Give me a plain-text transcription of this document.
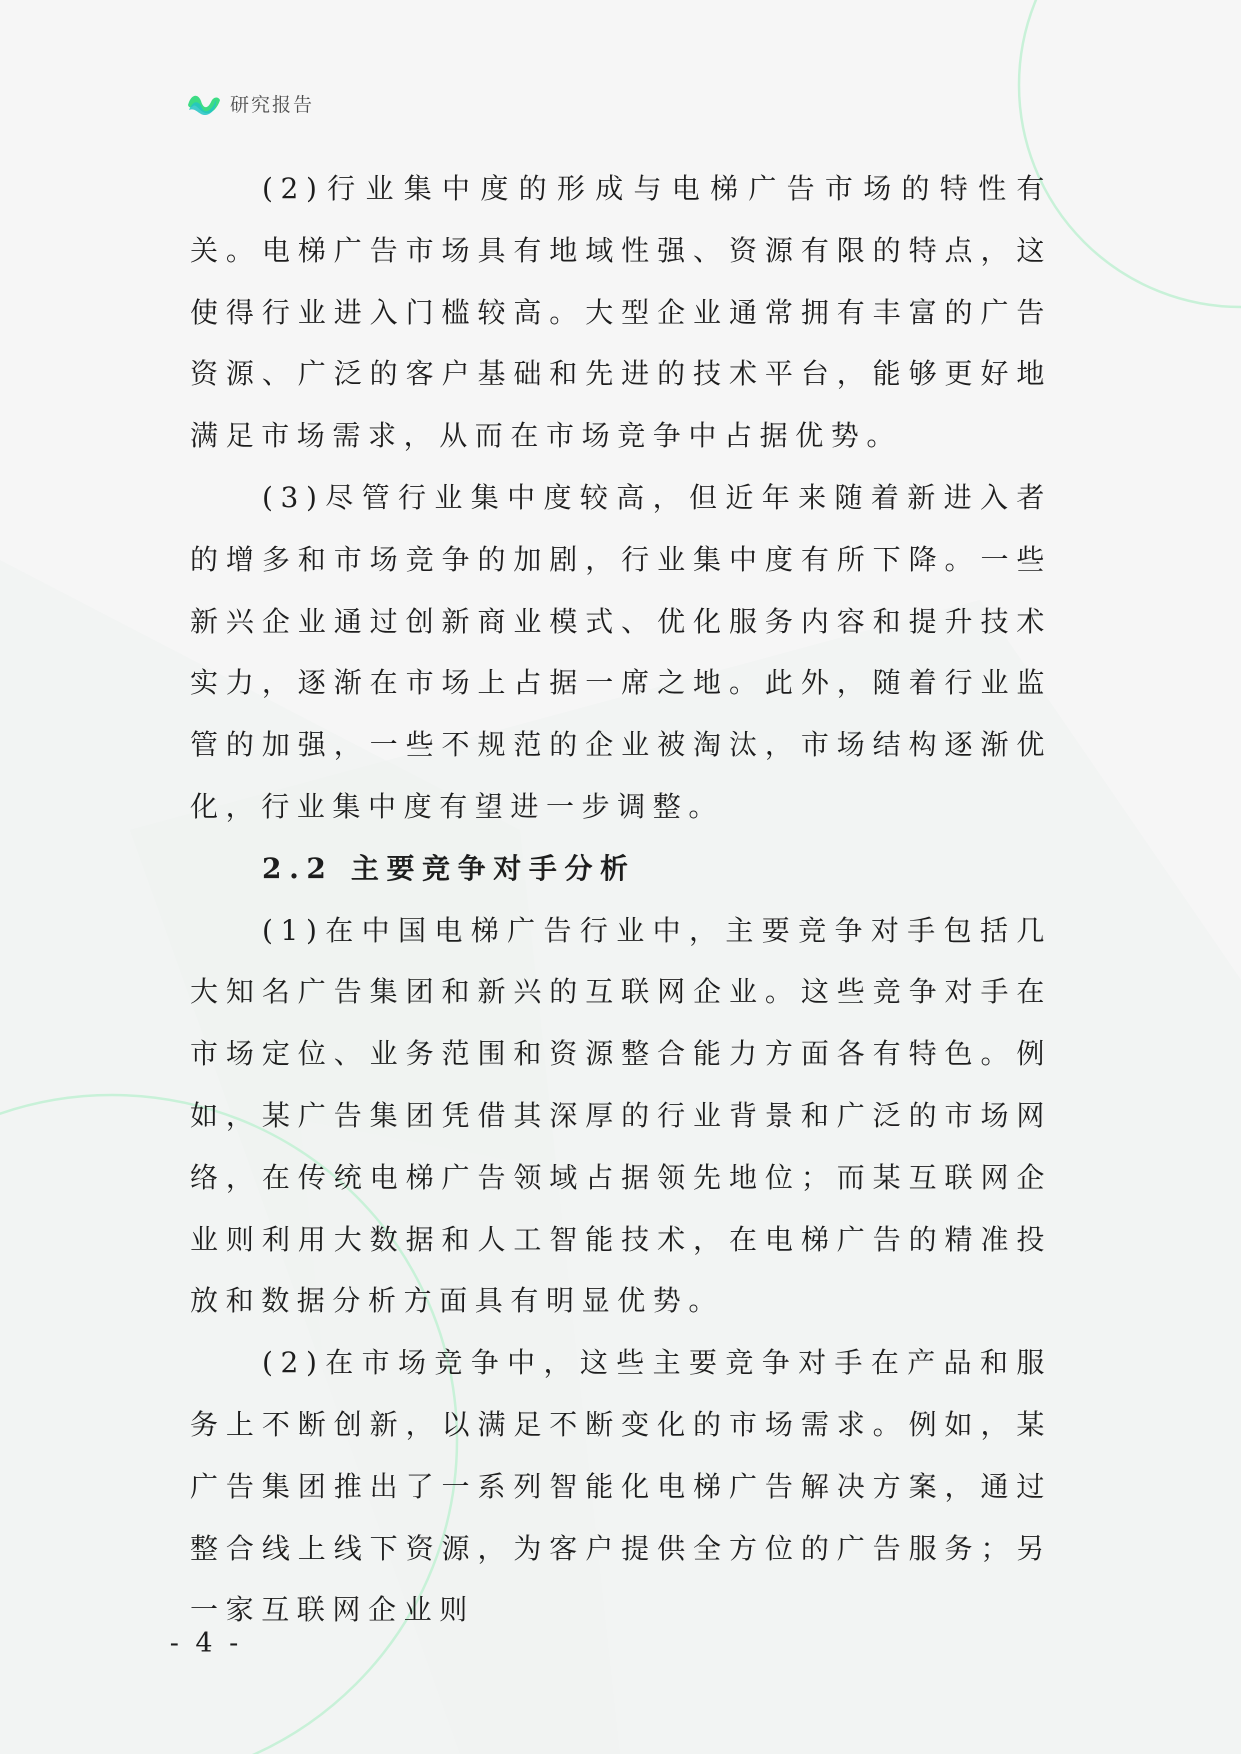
研究报告

(2)行业集中度的形成与电梯广告市场的特性有关。电梯广告市场具有地域性强、资源有限的特点，这使得行业进入门槛较高。大型企业通常拥有丰富的广告资源、广泛的客户基础和先进的技术平台，能够更好地满足市场需求，从而在市场竞争中占据优势。

(3)尽管行业集中度较高，但近年来随着新进入者的增多和市场竞争的加剧，行业集中度有所下降。一些新兴企业通过创新商业模式、优化服务内容和提升技术实力，逐渐在市场上占据一席之地。此外，随着行业监管的加强，一些不规范的企业被淘汰，市场结构逐渐优化，行业集中度有望进一步调整。

2.2 主要竞争对手分析

(1)在中国电梯广告行业中，主要竞争对手包括几大知名广告集团和新兴的互联网企业。这些竞争对手在市场定位、业务范围和资源整合能力方面各有特色。例如，某广告集团凭借其深厚的行业背景和广泛的市场网络，在传统电梯广告领域占据领先地位；而某互联网企业则利用大数据和人工智能技术，在电梯广告的精准投放和数据分析方面具有明显优势。

(2)在市场竞争中，这些主要竞争对手在产品和服务上不断创新，以满足不断变化的市场需求。例如，某广告集团推出了一系列智能化电梯广告解决方案，通过整合线上线下资源，为客户提供全方位的广告服务；另一家互联网企业则

- 4 -
